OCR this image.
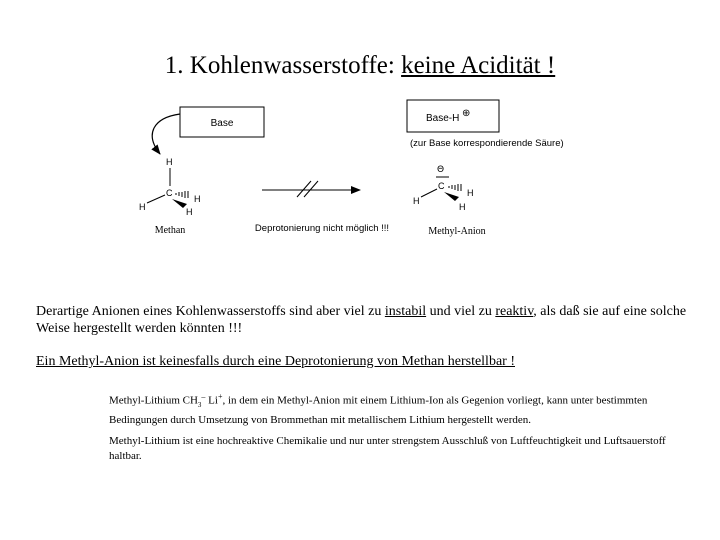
1. Kohlenwasserstoffe: keine Acidität !
Base
H
C
H
H
H
Methan	Deprotonierung nicht möglich !!!
Base-H ⊕
(zur Base korrespondierende Säure)
Θ
C
H
H
H
Methyl-Anion
Derartige Anionen eines Kohlenwasserstoffs sind aber viel zu instabil und viel zu reaktiv, als daß sie auf eine solche
Weise hergestellt werden könnten !!!
Ein Methyl-Anion ist keinesfalls durch eine Deprotonierung von Methan herstellbar !
Methyl-Lithium $CH_3^-$ Li+, in dem ein Methyl-Anion mit einem Lithium-Ion als Gegenion vorliegt, kann unter bestimmten Bedingungen durch Umsetzung von Brommethan mit metallischem Lithium hergestellt werden.
Methyl-Lithium ist eine hochreaktive Chemikalie und nur unter strengstem Ausschluß von Luftfeuchtigkeit und Luftsauerstoff haltbar.
